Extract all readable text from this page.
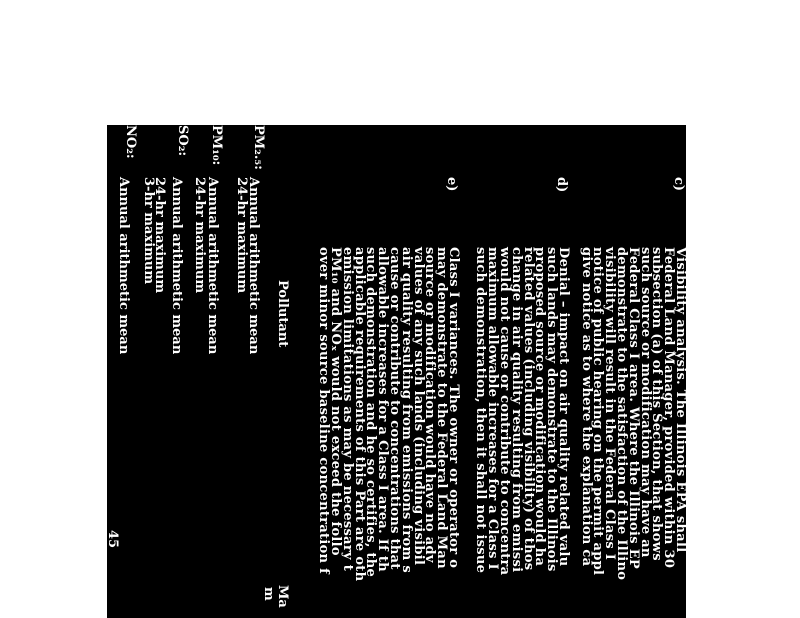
c)
Visibility analysis. The Illinois EPA shall
Federal Land Manager, provided within 30
subsection (a) of this Section, that shows
such source or modification may have an
Federal Class I area. Where the Illinois EP
demonstrate to the satisfaction of the Illino
visibility will result in the Federal Class I
notice of public hearing on the permit appl
give notice as to where the explanation ca
d)
Denial – impact on air quality related valu
such lands may demonstrate to the Illinois
proposed source or modification would ha
related values (including visibility) of thos
change in air quality resulting from emissi
would not cause or contribute to concentra
maximum allowable increases for a Class I
such demonstration, then it shall not issue
e)
Class I variances. The owner or operator o
may demonstrate to the Federal Land Man
source or modification would have no adv
values of any such lands (including visibil
air quality resulting from emissions from s
cause or contribute to concentrations that
allowable increases for a Class I area. If th
such demonstration and he so certifies, the
applicable requirements of this Part are oth
emission limitations as may be necessary t
PM₁₀ and NOₓ would not exceed the follo
over minor source baseline concentration f
Pollutant
Ma
m
PM₂.₅:
Annual arithmetic mean
24-hr maximum
PM₁₀:
Annual arithmetic mean
24-hr maximum
SO₂:
Annual arithmetic mean
24-hr maximum
3-hr maximum
NO₂:
Annual arithmetic mean
45
